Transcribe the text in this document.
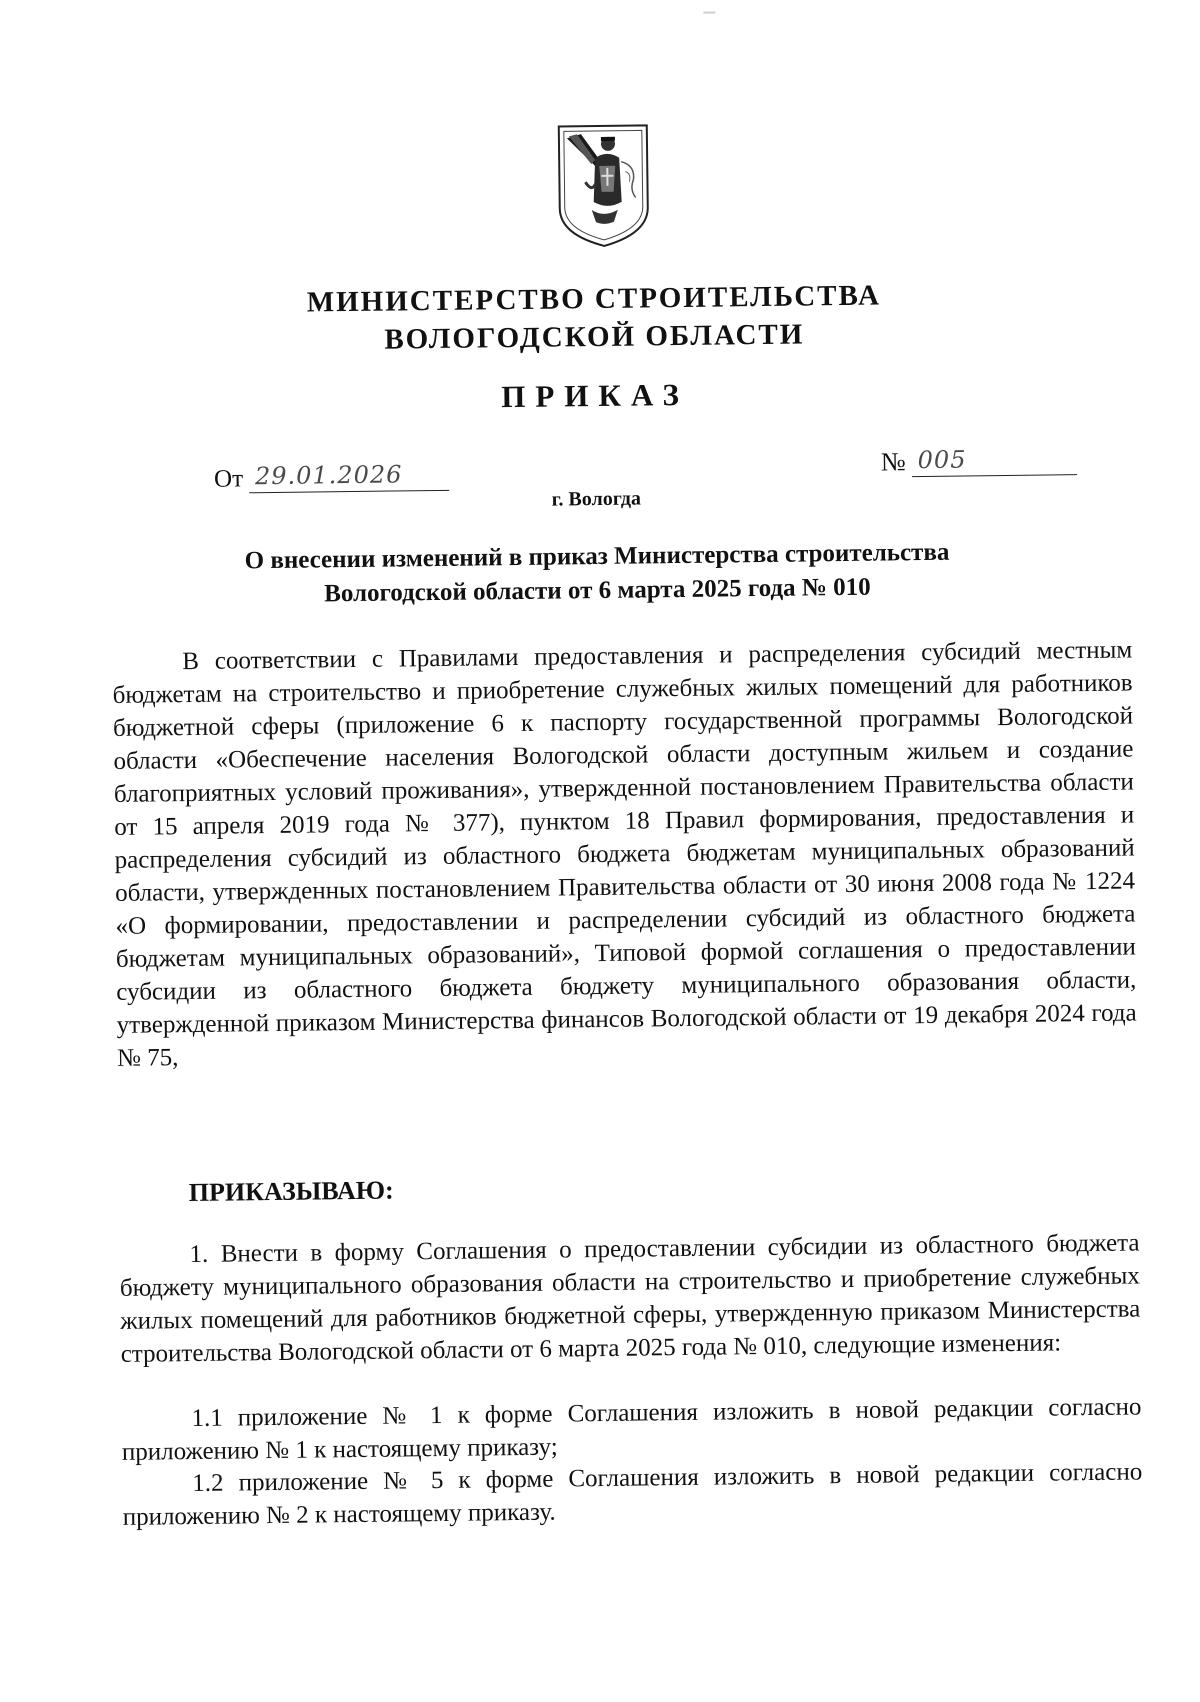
МИНИСТЕРСТВО СТРОИТЕЛЬСТВА
ВОЛОГОДСКОЙ ОБЛАСТИ
ПРИКАЗ
От 29.01.2026	№ 005
г. Вологда
О внесении изменений в приказ Министерства строительства
Вологодской области от 6 марта 2025 года № 010

В соответствии с Правилами предоставления и распределения субсидий местным бюджетам на строительство и приобретение служебных жилых помещений для работников бюджетной сферы (приложение 6 к паспорту государственной программы Вологодской области «Обеспечение населения Вологодской области доступным жильем и создание благоприятных условий проживания», утвержденной постановлением Правительства области от 15 апреля 2019 года № 377), пунктом 18 Правил формирования, предоставления и распределения субсидий из областного бюджета бюджетам муниципальных образований области, утвержденных постановлением Правительства области от 30 июня 2008 года № 1224 «О формировании, предоставлении и распределении субсидий из областного бюджета бюджетам муниципальных образований», Типовой формой соглашения о предоставлении субсидии из областного бюджета бюджету муниципального образования области, утвержденной приказом Министерства финансов Вологодской области от 19 декабря 2024 года № 75,

ПРИКАЗЫВАЮ:

1. Внести в форму Соглашения о предоставлении субсидии из областного бюджета бюджету муниципального образования области на строительство и приобретение служебных жилых помещений для работников бюджетной сферы, утвержденную приказом Министерства строительства Вологодской области от 6 марта 2025 года № 010, следующие изменения:

1.1 приложение № 1 к форме Соглашения изложить в новой редакции согласно приложению № 1 к настоящему приказу;

1.2 приложение № 5 к форме Соглашения изложить в новой редакции согласно приложению № 2 к настоящему приказу.
